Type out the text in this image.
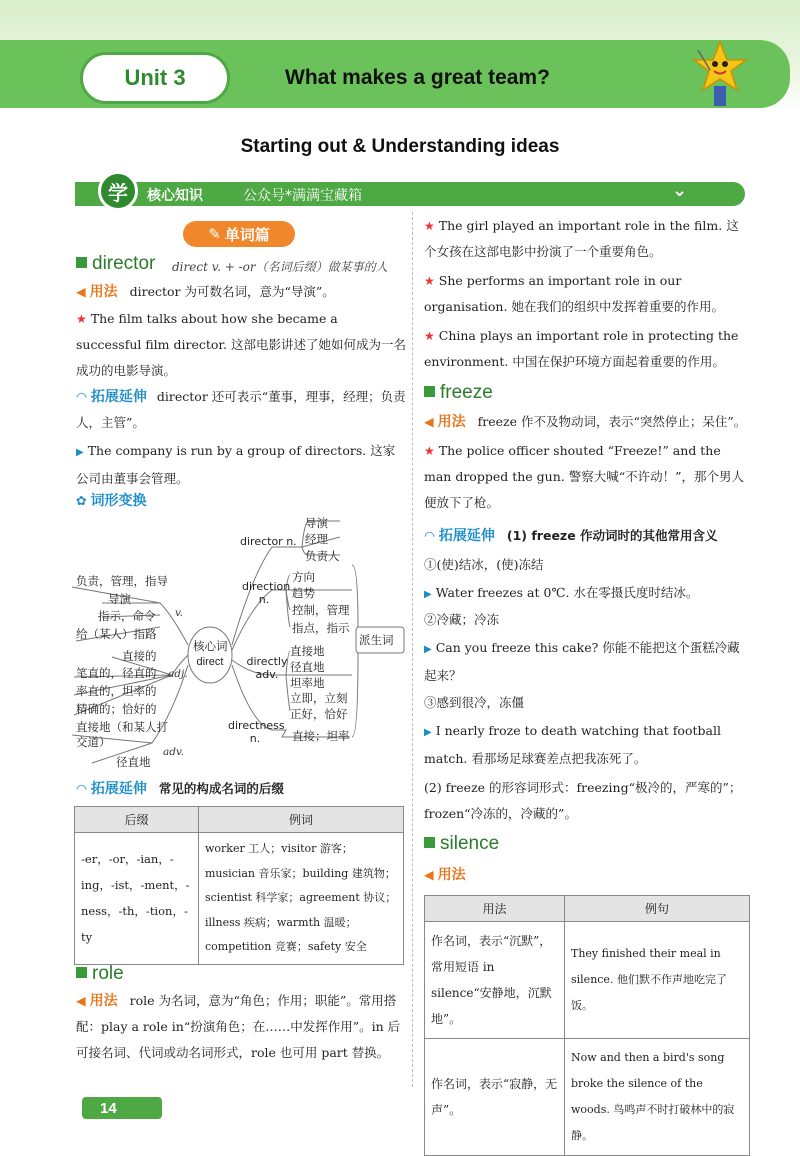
Unit 3	What makes a great team?
Starting out & Understanding ideas
学	核心知识	公众号*满满宝藏箱	⌄
✎ 单词篇
director direct v. + -or（名词后缀）做某事的人
◀ 用法 director 为可数名词，意为“导演”。

★ The film talks about how she became a successful film director. 这部电影讲述了她如何成为一名成功的电影导演。

◠ 拓展延伸 director 还可表示“董事，理事，经理；负责人，主管”。

▶ The company is run by a group of directors. 这家公司由董事会管理。

✿ 词形变换
核心词
direct
派生词
v.
adj.
adv.
负责，管理，指导
导演
指示，命令
给（某人）指路
直接的
笔直的，径直的
率直的，坦率的
精确的；恰好的
直接地（和某人打交道）
径直地
director n.
导演
经理
负责人
direction n.
方向
趋势
控制，管理
指点，指示
directly adv.
直接地
径直地
坦率地
立即，立刻
正好，恰好
directness n.	直接；坦率
◠ 拓展延伸 常见的构成名词的后缀
后缀	例词
-er，-or，-ian，-ing，-ist，-ment，-ness，-th，-tion，-ty	worker 工人；visitor 游客；
musician 音乐家；building 建筑物；
scientist 科学家；agreement 协议；
illness 疾病；warmth 温暖；
competition 竞赛；safety 安全
role

◀ 用法 role 为名词，意为“角色；作用；职能”。常用搭配：play a role in“扮演角色；在……中发挥作用”。in 后可接名词、代词或动名词形式，role 也可用 part 替换。

★ The girl played an important role in the film. 这个女孩在这部电影中扮演了一个重要角色。

★ She performs an important role in our organisation. 她在我们的组织中发挥着重要的作用。

★ China plays an important role in protecting the environment. 中国在保护环境方面起着重要的作用。

freeze
◀ 用法 freeze 作不及物动词，表示“突然停止；呆住”。

★ The police officer shouted “Freeze!” and the man dropped the gun. 警察大喊“不许动！”，那个男人便放下了枪。

◠ 拓展延伸 (1) freeze 作动词时的其他常用含义
①(使)结冰，(使)冻结

▶ Water freezes at 0℃. 水在零摄氏度时结冰。

②冷藏；冷冻

▶ Can you freeze this cake? 你能不能把这个蛋糕冷藏起来？

③感到很冷，冻僵

▶ I nearly froze to death watching that football match. 看那场足球赛差点把我冻死了。

(2) freeze 的形容词形式：freezing“极冷的，严寒的”；frozen“冷冻的，冷藏的”。

silence
◀ 用法
用法	例句
作名词，表示“沉默”，常用短语 in silence“安静地，沉默地”。	They finished their meal in silence. 他们默不作声地吃完了饭。
作名词，表示“寂静，无声”。	Now and then a bird's song broke the silence of the woods. 鸟鸣声不时打破林中的寂静。
14
